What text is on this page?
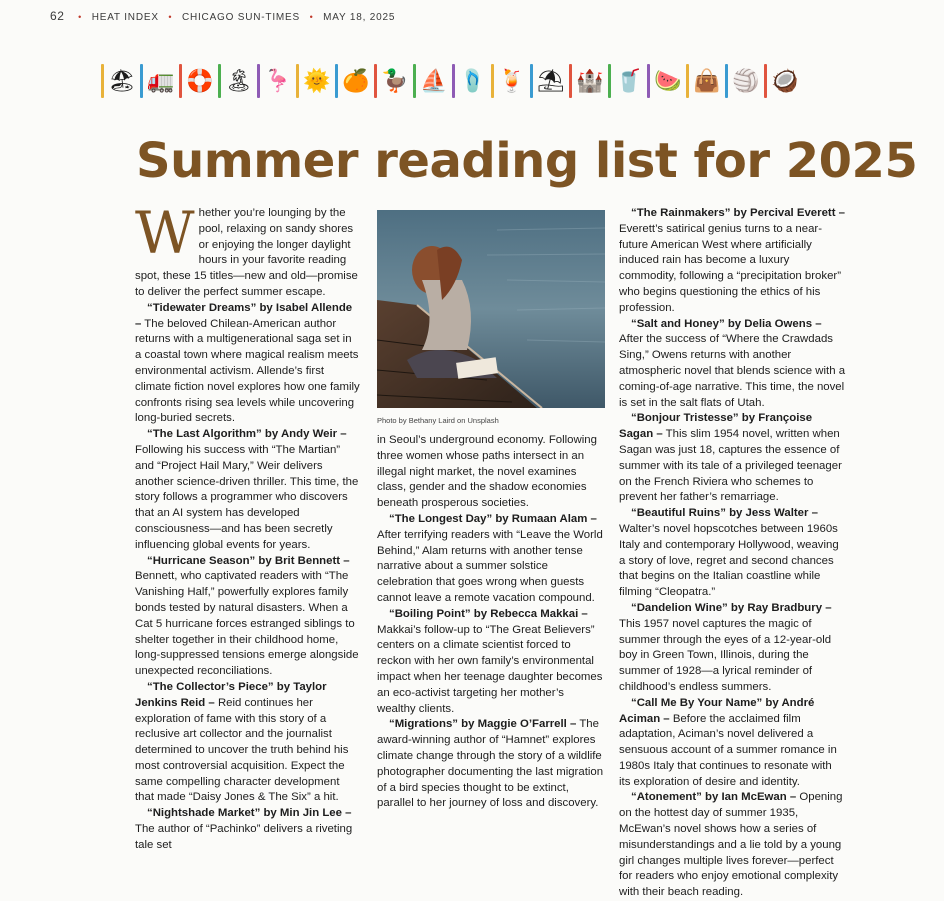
62 • HEAT INDEX • CHICAGO SUN-TIMES • MAY 18, 2025
🏖 🚛 🛟 🏝 🦩 🌞 🍊 🦆 ⛵ 🩴 🍹 ⛱ 🏰 🥤 🍉 👜 🏐 🥥
Summer reading list for 2025

Whether you’re lounging by the pool, relaxing on sandy shores or enjoying the longer daylight hours in your favorite reading spot, these 15 titles—new and old—promise to deliver the perfect summer escape.

“Tidewater Dreams” by Isabel Allende – The beloved Chilean-American author returns with a multigenerational saga set in a coastal town where magical realism meets environmental activism. Allende’s first climate fiction novel explores how one family confronts rising sea levels while uncovering long-buried secrets.

“The Last Algorithm” by Andy Weir – Following his success with “The Martian” and “Project Hail Mary,” Weir delivers another science-driven thriller. This time, the story follows a programmer who discovers that an AI system has developed consciousness—and has been secretly influencing global events for years.

“Hurricane Season” by Brit Bennett – Bennett, who captivated readers with “The Vanishing Half,” powerfully explores family bonds tested by natural disasters. When a Cat 5 hurricane forces estranged siblings to shelter together in their childhood home, long-suppressed tensions emerge alongside unexpected reconciliations.

“The Collector’s Piece” by Taylor Jenkins Reid – Reid continues her exploration of fame with this story of a reclusive art collector and the journalist determined to uncover the truth behind his most controversial acquisition. Expect the same compelling character development that made “Daisy Jones & The Six” a hit.

“Nightshade Market” by Min Jin Lee – The author of “Pachinko” delivers a riveting tale set

Photo by Bethany Laird on Unsplash

in Seoul’s underground economy. Following three women whose paths intersect in an illegal night market, the novel examines class, gender and the shadow economies beneath prosperous societies.

“The Longest Day” by Rumaan Alam – After terrifying readers with “Leave the World Behind,” Alam returns with another tense narrative about a summer solstice celebration that goes wrong when guests cannot leave a remote vacation compound.

“Boiling Point” by Rebecca Makkai – Makkai’s follow-up to “The Great Believers” centers on a climate scientist forced to reckon with her own family’s environmental impact when her teenage daughter becomes an eco-activist targeting her mother’s wealthy clients.

“Migrations” by Maggie O’Farrell – The award-winning author of “Hamnet” explores climate change through the story of a wildlife photographer documenting the last migration of a bird species thought to be extinct, parallel to her journey of loss and discovery.

“The Rainmakers” by Percival Everett – Everett’s satirical genius turns to a near-future American West where artificially induced rain has become a luxury commodity, following a “precipitation broker” who begins questioning the ethics of his profession.

“Salt and Honey” by Delia Owens – After the success of “Where the Crawdads Sing,” Owens returns with another atmospheric novel that blends science with a coming-of-age narrative. This time, the novel is set in the salt flats of Utah.

“Bonjour Tristesse” by Françoise Sagan – This slim 1954 novel, written when Sagan was just 18, captures the essence of summer with its tale of a privileged teenager on the French Riviera who schemes to prevent her father’s remarriage.

“Beautiful Ruins” by Jess Walter – Walter’s novel hopscotches between 1960s Italy and contemporary Hollywood, weaving a story of love, regret and second chances that begins on the Italian coastline while filming “Cleopatra.”

“Dandelion Wine” by Ray Bradbury – This 1957 novel captures the magic of summer through the eyes of a 12-year-old boy in Green Town, Illinois, during the summer of 1928—a lyrical reminder of childhood’s endless summers.

“Call Me By Your Name” by André Aciman – Before the acclaimed film adaptation, Aciman’s novel delivered a sensuous account of a summer romance in 1980s Italy that continues to resonate with its exploration of desire and identity.

“Atonement” by Ian McEwan – Opening on the hottest day of summer 1935, McEwan’s novel shows how a series of misunderstandings and a lie told by a young girl changes multiple lives forever—perfect for readers who enjoy emotional complexity with their beach reading.
